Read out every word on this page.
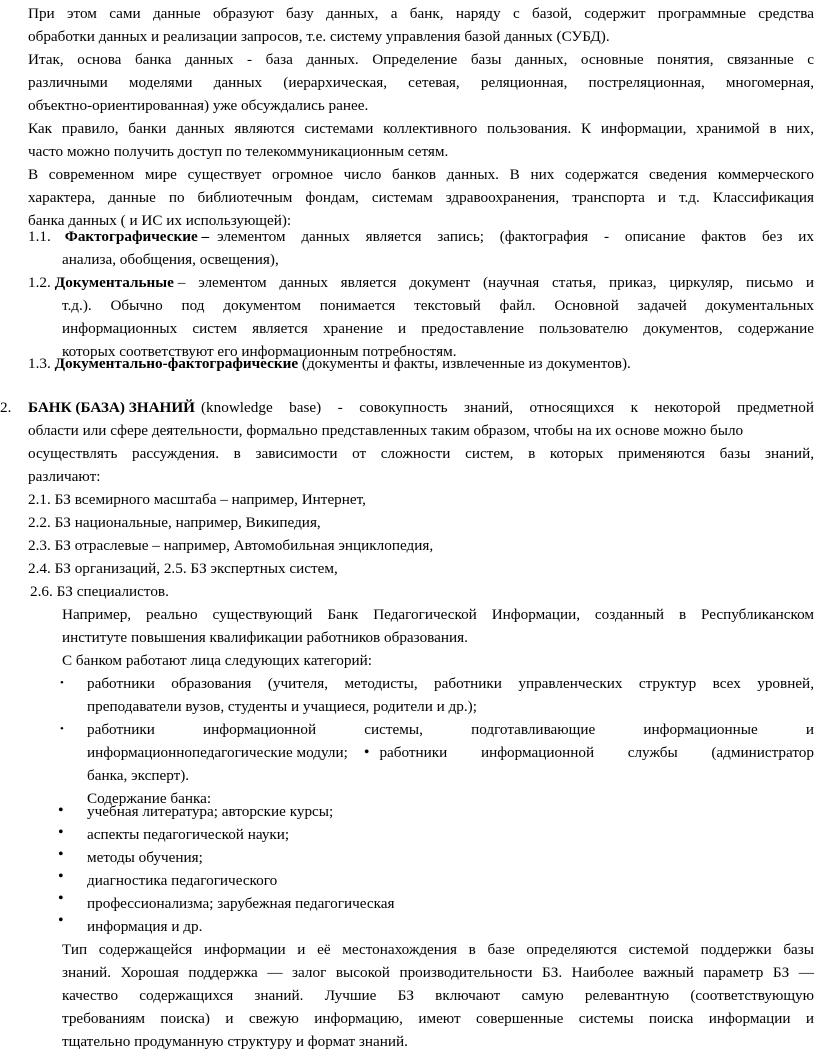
При этом сами данные образуют базу данных, а банк, наряду с базой, содержит программные средства
обработки данных и реализации запросов, т.е. систему управления базой данных (СУБД).
Итак, основа банка данных - база данных. Определение базы данных, основные понятия, связанные с
различными моделями данных (иерархическая, сетевая, реляционная, постреляционная, многомерная,
объектно-ориентированная) уже обсуждались ранее.
Как правило, банки данных являются системами коллективного пользования. К информации, хранимой в них,
часто можно получить доступ по телекоммуникационным сетям.
В современном мире существует огромное число банков данных. В них содержатся сведения коммерческого
характера, данные по библиотечным фондам, системам здравоохранения, транспорта и т.д. Классификация
банка данных ( и ИС их использующей):
1.1. Фактографические – элементом данных является запись; (фактография - описание фактов без их
анализа, обобщения, освещения),
1.2. Документальные – элементом данных является документ (научная статья, приказ, циркуляр, письмо и
т.д.). Обычно под документом понимается текстовый файл. Основной задачей документальных
информационных систем является хранение и предоставление пользователю документов, содержание
которых соответствуют его информационным потребностям.
1.3. Документально-фактографические (документы и факты, извлеченные из документов).
2.	БАНК (БАЗА) ЗНАНИЙ (knowledge base) - совокупность знаний, относящихся к некоторой предметной
области или сфере деятельности, формально представленных таким образом, чтобы на их основе можно было
осуществлять рассуждения. в зависимости от сложности систем, в которых применяются базы знаний,
различают:
2.1. БЗ всемирного масштаба – например, Интернет,
2.2. БЗ национальные, например, Википедия,
2.3. БЗ отраслевые – например, Автомобильная энциклопедия,
2.4. БЗ организаций, 2.5. БЗ экспертных систем,
2.6. БЗ специалистов.
Например, реально существующий Банк Педагогической Информации, созданный в Республиканском
институте повышения квалификации работников образования.
С банком работают лица следующих категорий:
• работники образования (учителя, методисты, работники управленческих структур всех уровней,
преподаватели вузов, студенты и учащиеся, родители и др.);
• работники информационной системы, подготавливающие информационные и
информационнопедагогические модули; • работники информационной службы (администратор
банка, эксперт).
Содержание банка:
•
•
•
•
•
•
учебная литература; авторские курсы;
аспекты педагогической науки;
методы обучения;
диагностика педагогического
профессионализма; зарубежная педагогическая
информация и др.
Тип содержащейся информации и её местонахождения в базе определяются системой поддержки базы
знаний. Хорошая поддержка — залог высокой производительности БЗ. Наиболее важный параметр БЗ —
качество содержащихся знаний. Лучшие БЗ включают самую релевантную (соответствующую
требованиям поиска) и свежую информацию, имеют совершенные системы поиска информации и
тщательно продуманную структуру и формат знаний.
